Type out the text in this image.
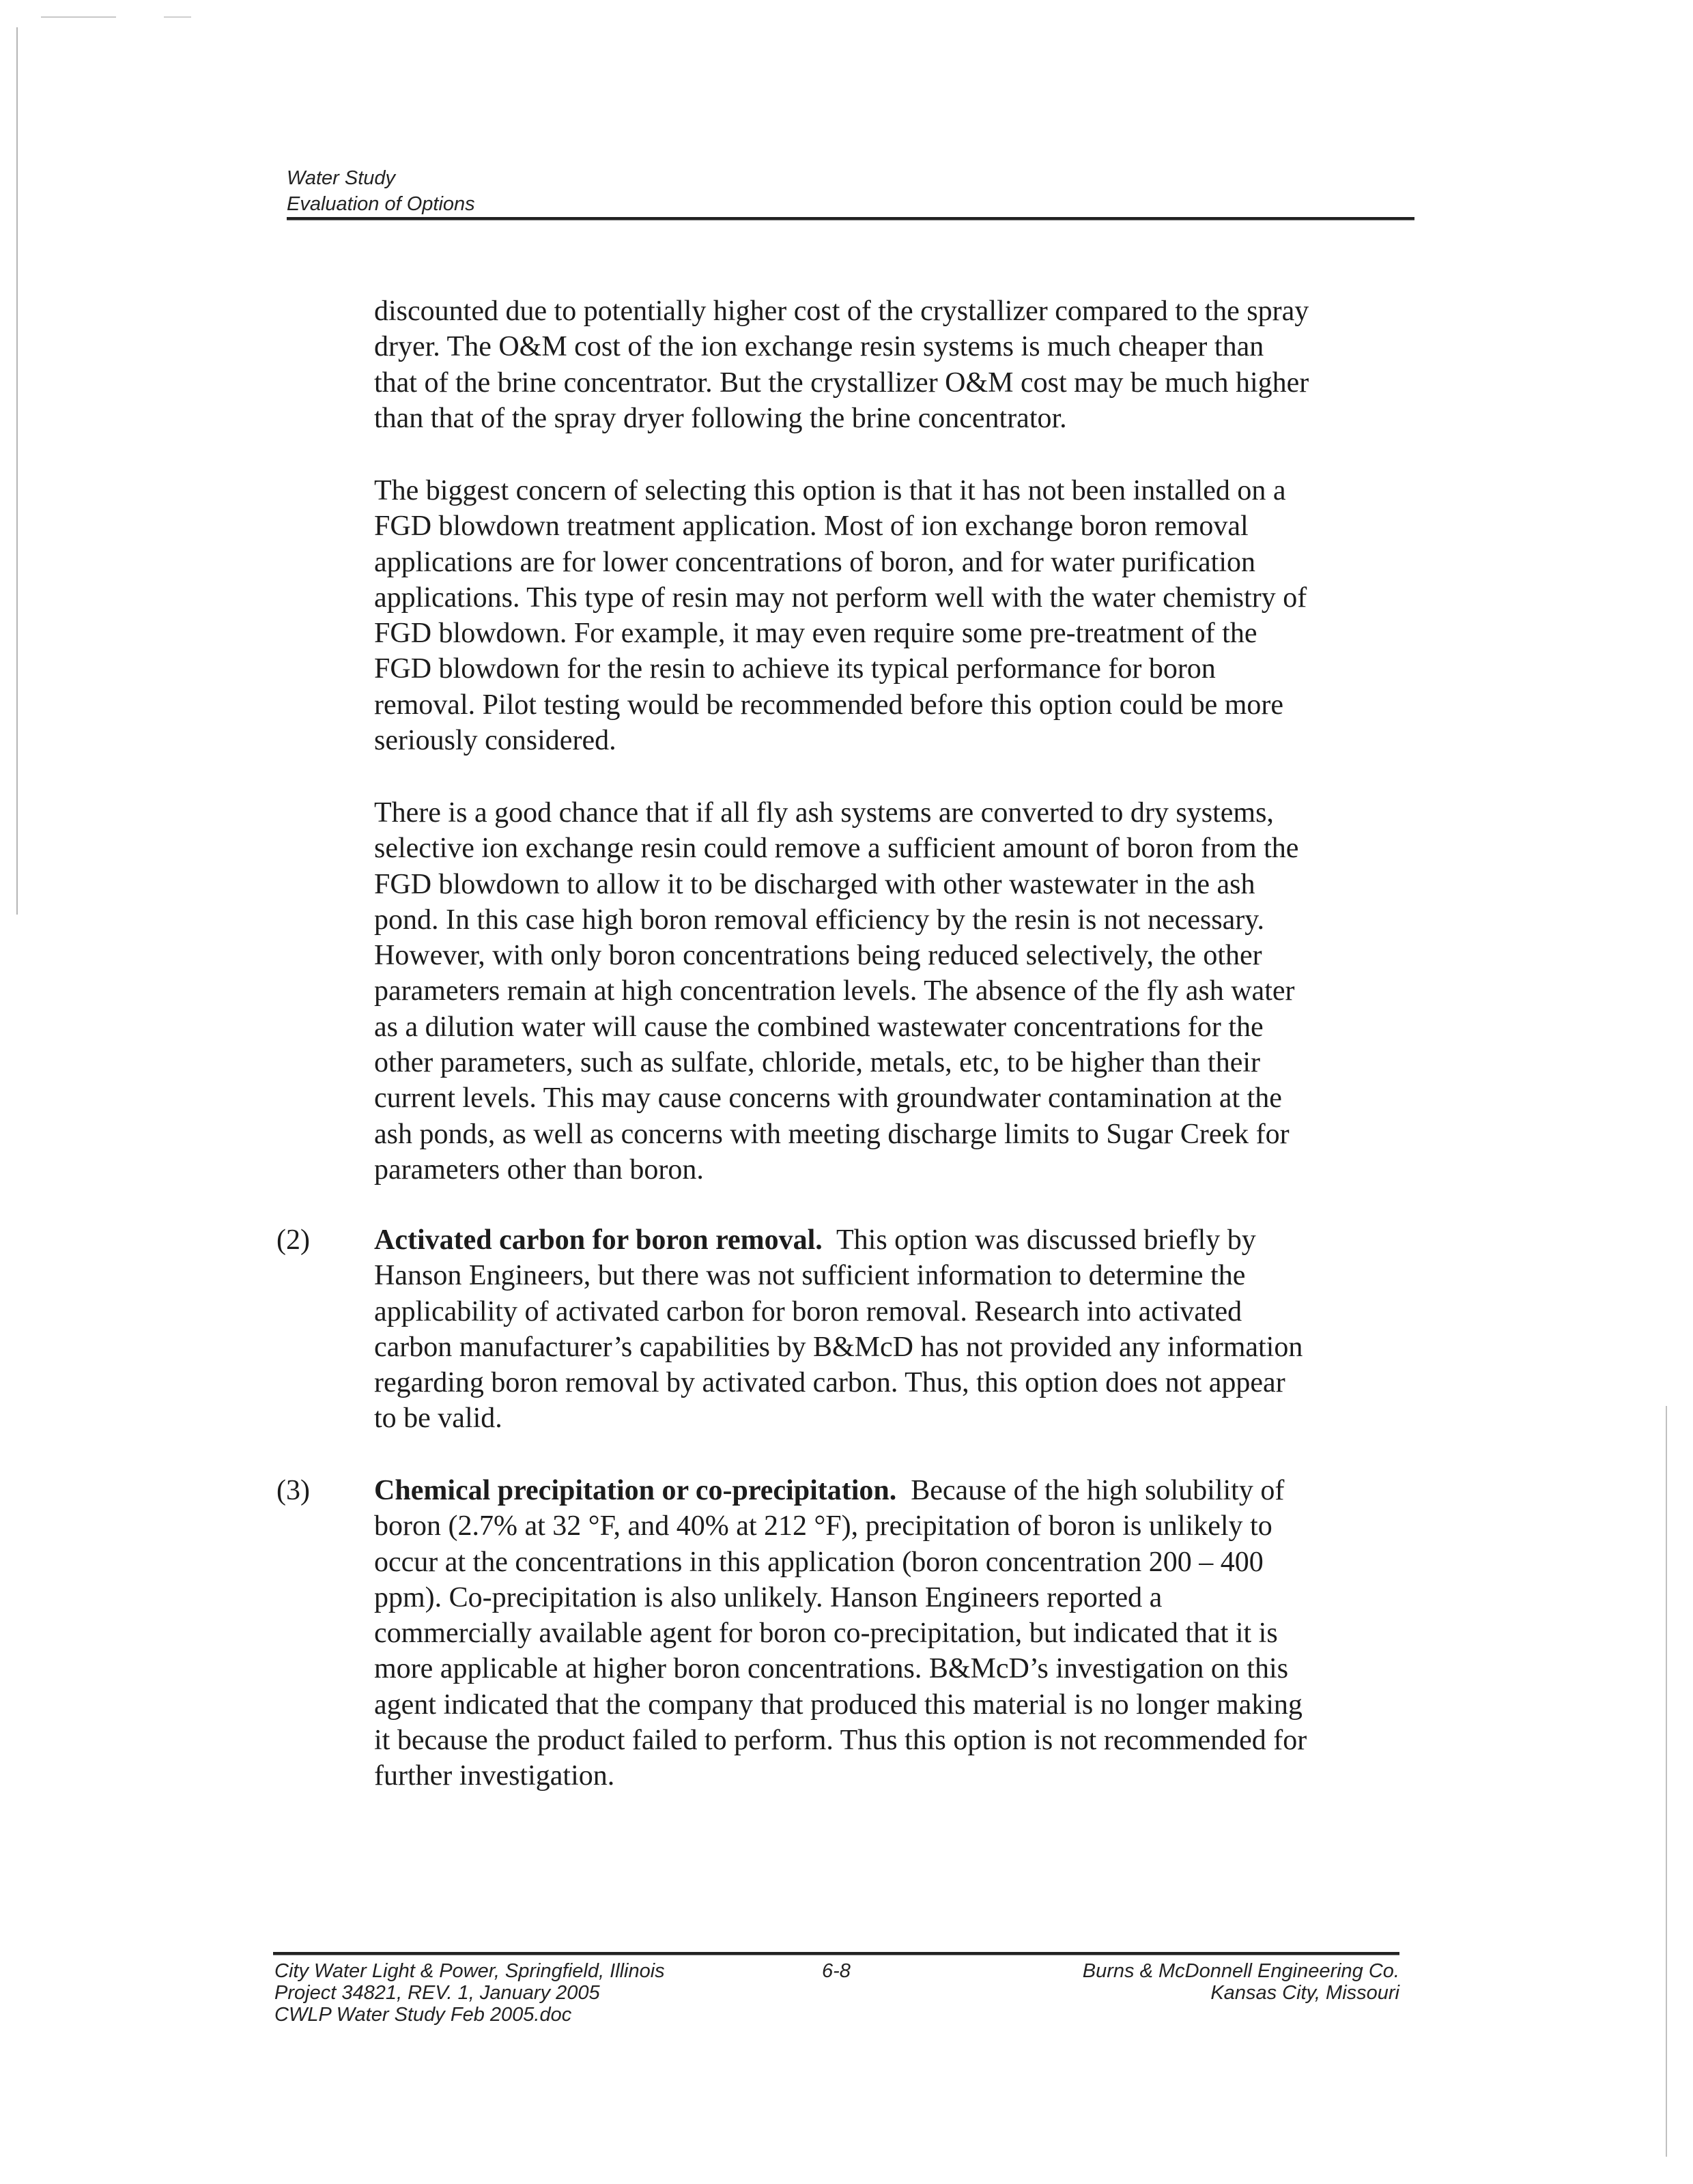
Water Study
Evaluation of Options
discounted due to potentially higher cost of the crystallizer compared to the spray
dryer. The O&M cost of the ion exchange resin systems is much cheaper than
that of the brine concentrator. But the crystallizer O&M cost may be much higher
than that of the spray dryer following the brine concentrator.
The biggest concern of selecting this option is that it has not been installed on a
FGD blowdown treatment application. Most of ion exchange boron removal
applications are for lower concentrations of boron, and for water purification
applications. This type of resin may not perform well with the water chemistry of
FGD blowdown. For example, it may even require some pre-treatment of the
FGD blowdown for the resin to achieve its typical performance for boron
removal. Pilot testing would be recommended before this option could be more
seriously considered.
There is a good chance that if all fly ash systems are converted to dry systems,
selective ion exchange resin could remove a sufficient amount of boron from the
FGD blowdown to allow it to be discharged with other wastewater in the ash
pond. In this case high boron removal efficiency by the resin is not necessary.
However, with only boron concentrations being reduced selectively, the other
parameters remain at high concentration levels. The absence of the fly ash water
as a dilution water will cause the combined wastewater concentrations for the
other parameters, such as sulfate, chloride, metals, etc, to be higher than their
current levels. This may cause concerns with groundwater contamination at the
ash ponds, as well as concerns with meeting discharge limits to Sugar Creek for
parameters other than boron.
(2) Activated carbon for boron removal.  This option was discussed briefly by
Hanson Engineers, but there was not sufficient information to determine the
applicability of activated carbon for boron removal. Research into activated
carbon manufacturer’s capabilities by B&McD has not provided any information
regarding boron removal by activated carbon. Thus, this option does not appear
to be valid.
(3) Chemical precipitation or co-precipitation.  Because of the high solubility of
boron (2.7% at 32 °F, and 40% at 212 °F), precipitation of boron is unlikely to
occur at the concentrations in this application (boron concentration 200 – 400
ppm). Co-precipitation is also unlikely. Hanson Engineers reported a
commercially available agent for boron co-precipitation, but indicated that it is
more applicable at higher boron concentrations. B&McD’s investigation on this
agent indicated that the company that produced this material is no longer making
it because the product failed to perform. Thus this option is not recommended for
further investigation.
City Water Light & Power, Springfield, Illinois
Project 34821, REV. 1, January 2005
CWLP Water Study Feb 2005.doc
6-8	Burns & McDonnell Engineering Co.
Kansas City, Missouri
